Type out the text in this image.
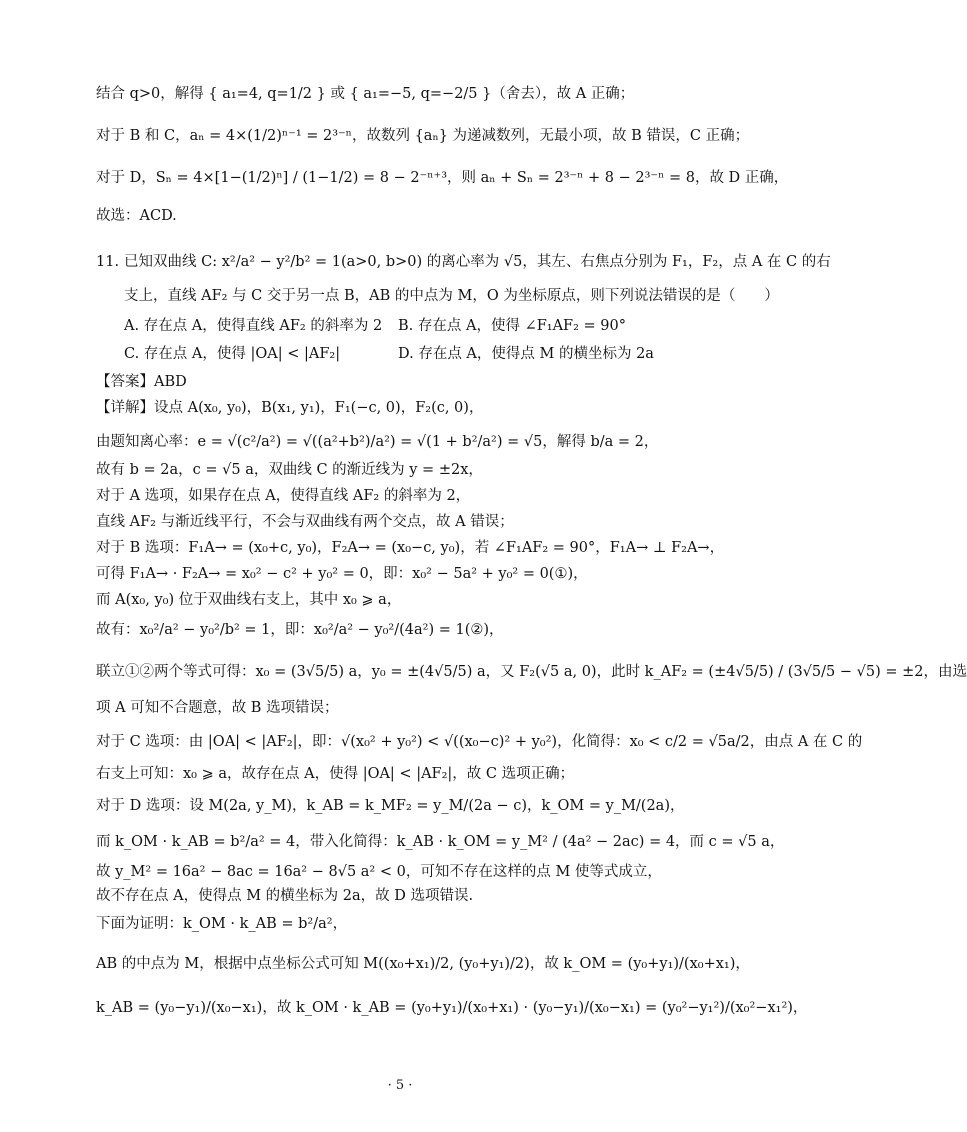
结合 q>0，解得 { a₁=4, q=1/2 } 或 { a₁=−5, q=−2/5 }（舍去），故 A 正确；
对于 B 和 C，aₙ = 4×(1/2)ⁿ⁻¹ = 2³⁻ⁿ，故数列 {aₙ} 为递减数列，无最小项，故 B 错误，C 正确；
对于 D，Sₙ = 4×[1−(1/2)ⁿ] / (1−1/2) = 8 − 2⁻ⁿ⁺³，则 aₙ + Sₙ = 2³⁻ⁿ + 8 − 2³⁻ⁿ = 8，故 D 正确，
故选：ACD.
11. 已知双曲线 C: x²/a² − y²/b² = 1(a>0, b>0) 的离心率为 √5，其左、右焦点分别为 F₁，F₂，点 A 在 C 的右
支上，直线 AF₂ 与 C 交于另一点 B，AB 的中点为 M，O 为坐标原点，则下列说法错误的是（　　）
A. 存在点 A，使得直线 AF₂ 的斜率为 2 B. 存在点 A，使得 ∠F₁AF₂ = 90°
C. 存在点 A，使得 |OA| < |AF₂|	D. 存在点 A，使得点 M 的横坐标为 2a
【答案】ABD
【详解】设点 A(x₀, y₀)，B(x₁, y₁)，F₁(−c, 0)，F₂(c, 0)，
由题知离心率：e = √(c²/a²) = √((a²+b²)/a²) = √(1 + b²/a²) = √5，解得 b/a = 2，
故有 b = 2a，c = √5 a，双曲线 C 的渐近线为 y = ±2x，
对于 A 选项，如果存在点 A，使得直线 AF₂ 的斜率为 2，
直线 AF₂ 与渐近线平行，不会与双曲线有两个交点，故 A 错误；
对于 B 选项：F₁A→ = (x₀+c, y₀)，F₂A→ = (x₀−c, y₀)，若 ∠F₁AF₂ = 90°，F₁A→ ⊥ F₂A→，
可得 F₁A→ · F₂A→ = x₀² − c² + y₀² = 0，即：x₀² − 5a² + y₀² = 0(①)，
而 A(x₀, y₀) 位于双曲线右支上，其中 x₀ ⩾ a，
故有：x₀²/a² − y₀²/b² = 1，即：x₀²/a² − y₀²/(4a²) = 1(②)，
联立①②两个等式可得：x₀ = (3√5/5) a，y₀ = ±(4√5/5) a，又 F₂(√5 a, 0)，此时 k_AF₂ = (±4√5/5) / (3√5/5 − √5) = ±2，由选
项 A 可知不合题意，故 B 选项错误；
对于 C 选项：由 |OA| < |AF₂|，即：√(x₀² + y₀²) < √((x₀−c)² + y₀²)，化简得：x₀ < c/2 = √5a/2，由点 A 在 C 的
右支上可知：x₀ ⩾ a，故存在点 A，使得 |OA| < |AF₂|，故 C 选项正确；
对于 D 选项：设 M(2a, y_M)，k_AB = k_MF₂ = y_M/(2a − c)，k_OM = y_M/(2a)，
而 k_OM · k_AB = b²/a² = 4，带入化简得：k_AB · k_OM = y_M² / (4a² − 2ac) = 4，而 c = √5 a，
故 y_M² = 16a² − 8ac = 16a² − 8√5 a² < 0，可知不存在这样的点 M 使等式成立，
故不存在点 A，使得点 M 的横坐标为 2a，故 D 选项错误.
下面为证明：k_OM · k_AB = b²/a²，
AB 的中点为 M，根据中点坐标公式可知 M((x₀+x₁)/2, (y₀+y₁)/2)，故 k_OM = (y₀+y₁)/(x₀+x₁)，
k_AB = (y₀−y₁)/(x₀−x₁)，故 k_OM · k_AB = (y₀+y₁)/(x₀+x₁) · (y₀−y₁)/(x₀−x₁) = (y₀²−y₁²)/(x₀²−x₁²)，
· 5 ·
